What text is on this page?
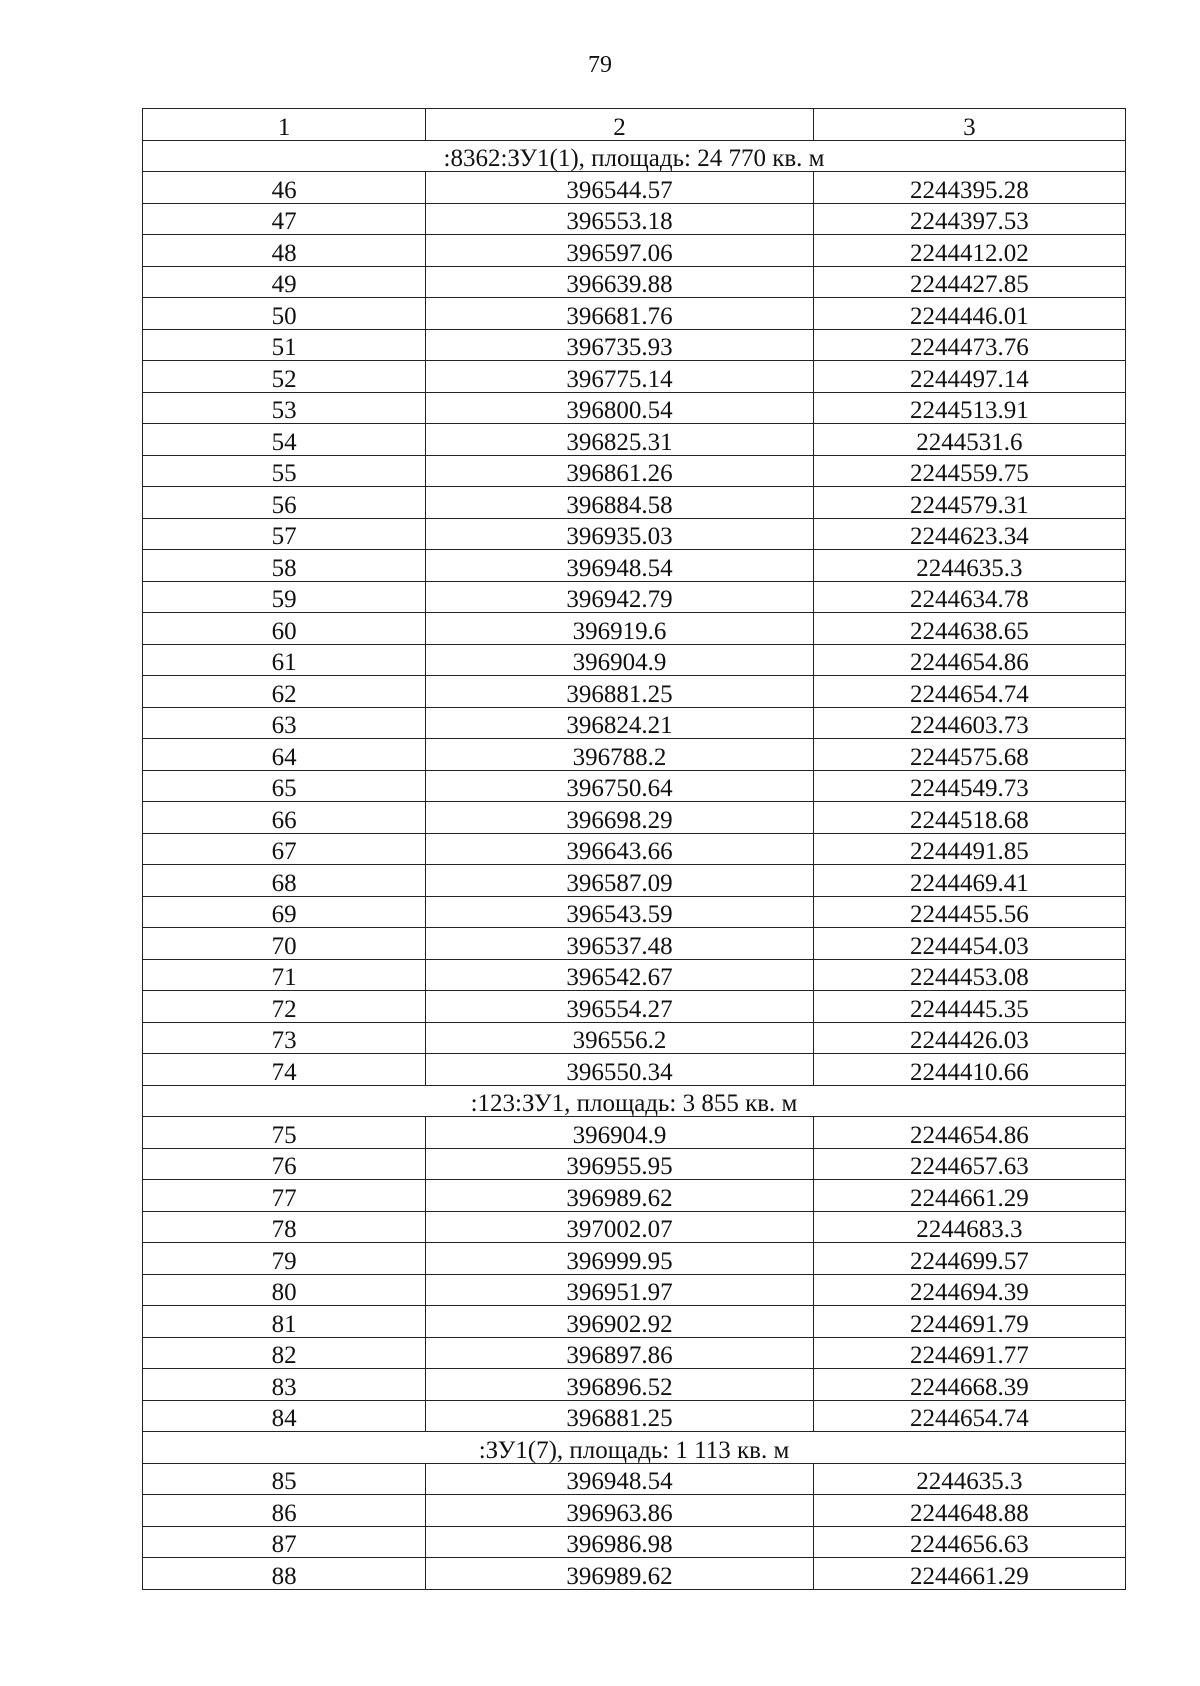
79
1	2	3
:8362:ЗУ1(1), площадь: 24 770 кв. м		
46	396544.57	2244395.28
47	396553.18	2244397.53
48	396597.06	2244412.02
49	396639.88	2244427.85
50	396681.76	2244446.01
51	396735.93	2244473.76
52	396775.14	2244497.14
53	396800.54	2244513.91
54	396825.31	2244531.6
55	396861.26	2244559.75
56	396884.58	2244579.31
57	396935.03	2244623.34
58	396948.54	2244635.3
59	396942.79	2244634.78
60	396919.6	2244638.65
61	396904.9	2244654.86
62	396881.25	2244654.74
63	396824.21	2244603.73
64	396788.2	2244575.68
65	396750.64	2244549.73
66	396698.29	2244518.68
67	396643.66	2244491.85
68	396587.09	2244469.41
69	396543.59	2244455.56
70	396537.48	2244454.03
71	396542.67	2244453.08
72	396554.27	2244445.35
73	396556.2	2244426.03
74	396550.34	2244410.66
:123:ЗУ1, площадь: 3 855 кв. м		
75	396904.9	2244654.86
76	396955.95	2244657.63
77	396989.62	2244661.29
78	397002.07	2244683.3
79	396999.95	2244699.57
80	396951.97	2244694.39
81	396902.92	2244691.79
82	396897.86	2244691.77
83	396896.52	2244668.39
84	396881.25	2244654.74
:ЗУ1(7), площадь: 1 113 кв. м		
85	396948.54	2244635.3
86	396963.86	2244648.88
87	396986.98	2244656.63
88	396989.62	2244661.29
